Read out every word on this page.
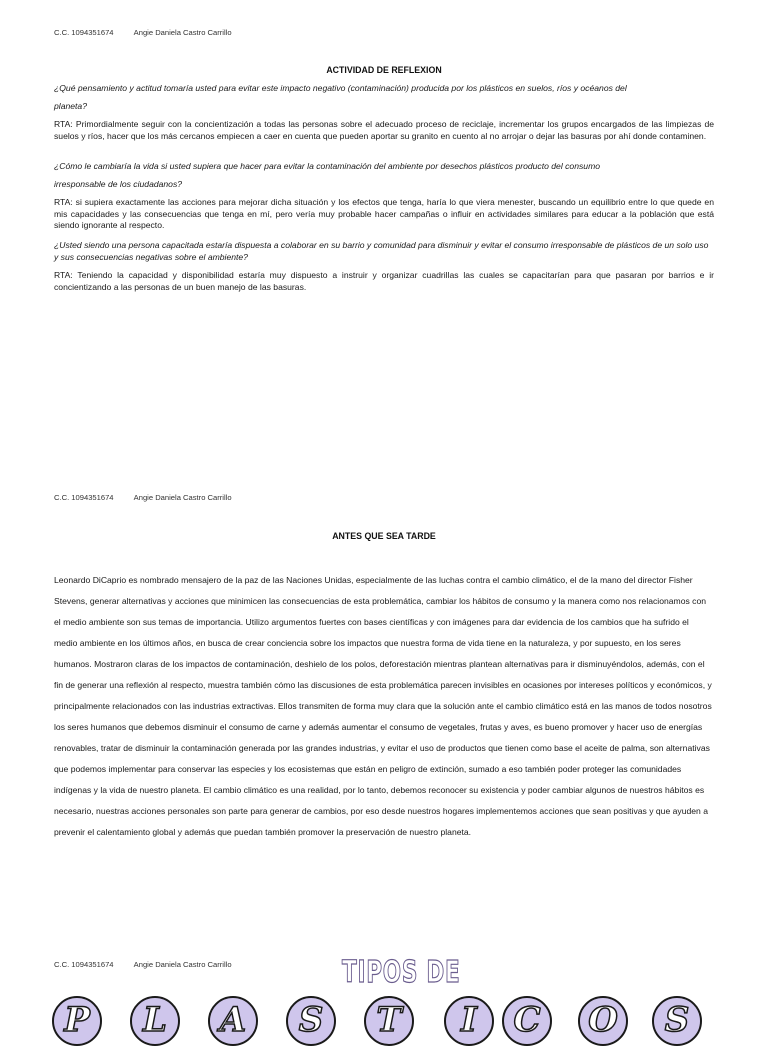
C.C. 1094351674	Angie Daniela Castro Carrillo
ACTIVIDAD DE REFLEXION
¿Qué pensamiento y actitud tomaría usted para evitar este impacto negativo (contaminación) producida por los plásticos en suelos, ríos y océanos del
planeta?
RTA: Primordialmente seguir con la concientización a todas las personas sobre el adecuado proceso de reciclaje, incrementar los grupos encargados de las limpiezas de suelos y ríos, hacer que los más cercanos empiecen a caer en cuenta que pueden aportar su granito en cuento al no arrojar o dejar las basuras por ahí donde contaminen.
¿Cómo le cambiaría la vida si usted supiera que hacer para evitar la contaminación del ambiente por desechos plásticos producto del consumo
irresponsable de los ciudadanos?
RTA: si supiera exactamente las acciones para mejorar dicha situación y los efectos que tenga, haría lo que viera menester, buscando un equilibrio entre lo que quede en mis capacidades y las consecuencias que tenga en mí, pero vería muy probable hacer campañas o influir en actividades similares para educar a la población que está siendo ignorante al respecto.
¿Usted siendo una persona capacitada estaría dispuesta a colaborar en su barrio y comunidad para disminuir y evitar el consumo irresponsable de plásticos de un solo uso y sus consecuencias negativas sobre el ambiente?
RTA: Teniendo la capacidad y disponibilidad estaría muy dispuesto a instruir y organizar cuadrillas las cuales se capacitarían para que pasaran por barrios e ir concientizando a las personas de un buen manejo de las basuras.
C.C. 1094351674	Angie Daniela Castro Carrillo
ANTES QUE SEA TARDE
Leonardo DiCaprio es nombrado mensajero de la paz de las Naciones Unidas, especialmente de las luchas contra el cambio climático, el de la mano del director Fisher Stevens, generar alternativas y acciones que minimicen las consecuencias de esta problemática, cambiar los hábitos de consumo y la manera como nos relacionamos con el medio ambiente son sus temas de importancia. Utilizo argumentos fuertes con bases científicas y con imágenes para dar evidencia de los cambios que ha sufrido el medio ambiente en los últimos años, en busca de crear conciencia sobre los impactos que nuestra forma de vida tiene en la naturaleza, y por supuesto, en los seres humanos. Mostraron claras de los impactos de contaminación, deshielo de los polos, deforestación mientras plantean alternativas para ir disminuyéndolos, además, con el fin de generar una reflexión al respecto, muestra también cómo las discusiones de esta problemática parecen invisibles en ocasiones por intereses políticos y económicos, y principalmente relacionados con las industrias extractivas. Ellos transmiten de forma muy clara que la solución ante el cambio climático está en las manos de todos nosotros los seres humanos que debemos disminuir el consumo de carne y además aumentar el consumo de vegetales, frutas y aves, es bueno promover y hacer uso de energías renovables, tratar de disminuir la contaminación generada por las grandes industrias, y evitar el uso de productos que tienen como base el aceite de palma, son alternativas que podemos implementar para conservar las especies y los ecosistemas que están en peligro de extinción, sumado a eso también poder proteger las comunidades indígenas y la vida de nuestro planeta. El cambio climático es una realidad, por lo tanto, debemos reconocer su existencia y poder cambiar algunos de nuestros hábitos es necesario, nuestras acciones personales son parte para generar de cambios, por eso desde nuestros hogares implementemos acciones que sean positivas y que ayuden a prevenir el calentamiento global y además que puedan también promover la preservación de nuestro planeta.
C.C. 1094351674	Angie Daniela Castro Carrillo	TIPOS DE
P L A S T I C O S
